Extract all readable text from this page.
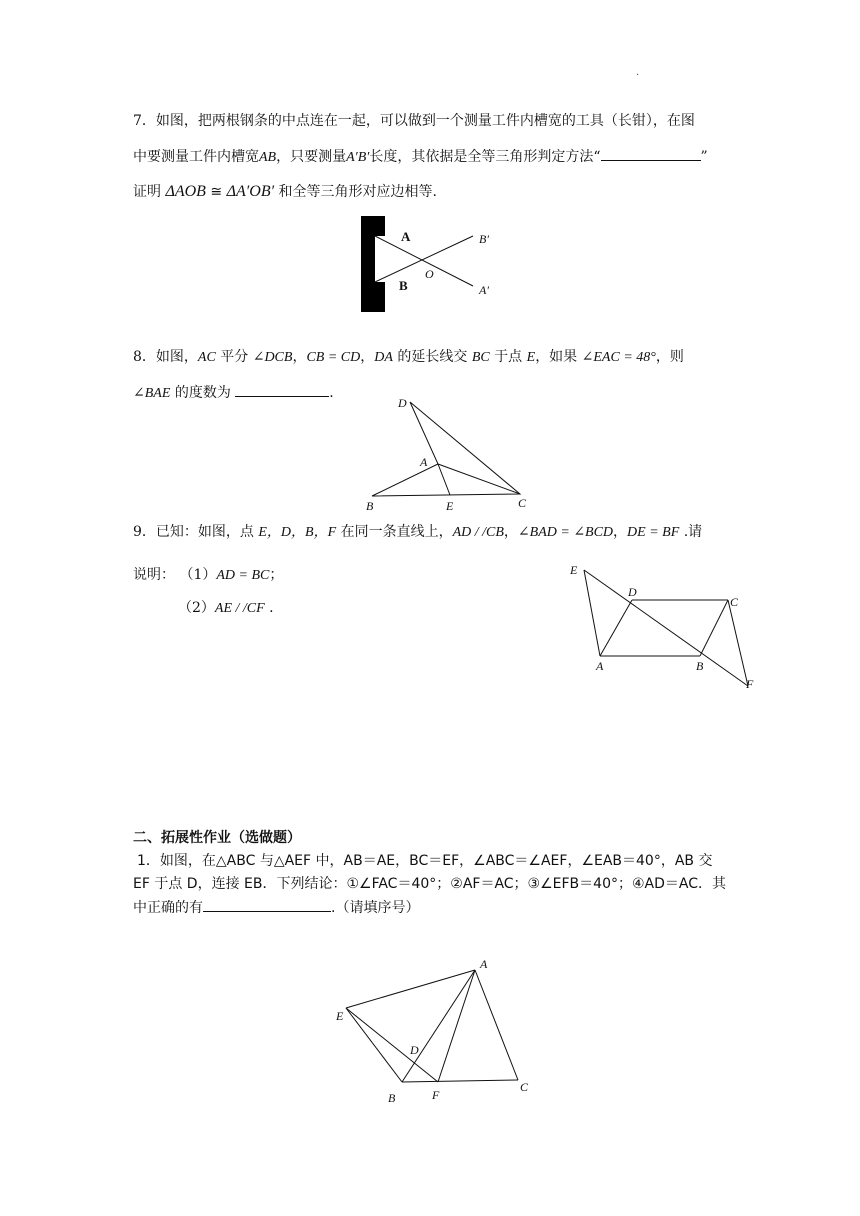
·
7．如图，把两根钢条的中点连在一起，可以做到一个测量工件内槽宽的工具（长钳），在图
中要测量工件内槽宽AB，只要测量A′B′长度，其依据是全等三角形判定方法“	”
证明 ΔAOB ≅ ΔA′OB′ 和全等三角形对应边相等.
A
B
O
B′
A′
8．如图，AC 平分 ∠DCB，CB = CD，DA 的延长线交 BC 于点 E，如果 ∠EAC = 48°，则
∠BAE 的度数为	.
D
A
B	E	C
9．已知：如图，点 E，D，B，F 在同一条直线上，AD / /CB，∠BAD = ∠BCD，DE = BF .请
说明： （1）AD = BC；
（2）AE / /CF .
E
D
C
A	B
F
二、拓展性作业（选做题）
1．如图，在△ABC 与△AEF 中，AB＝AE，BC＝EF，∠ABC＝∠AEF，∠EAB＝40°，AB 交
EF 于点 D，连接 EB．下列结论：①∠FAC＝40°；②AF＝AC；③∠EFB＝40°；④AD＝AC．其
中正确的有	.（请填序号）
A
E
D
B	F
C
